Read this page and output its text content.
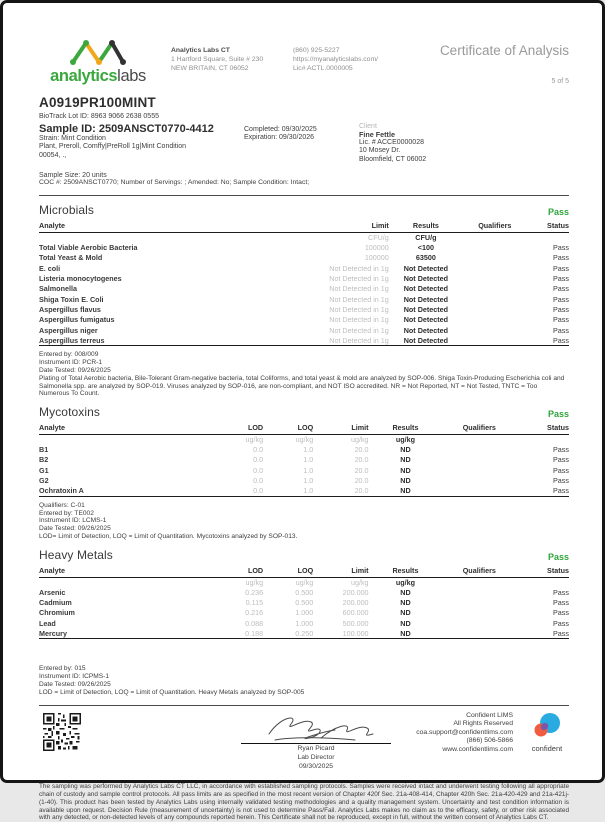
analyticslabs
Analytics Labs CT
1 Hartford Square, Suite # 230
NEW BRITAIN, CT 06052
(860) 925-5227
https://myanalyticslabs.com/
Lic# ACTL.0000005
Certificate of Analysis
5 of 5
A0919PR100MINT
BioTrack Lot ID: 8963 9066 2638 0555
Sample ID: 2509ANSCT0770-4412
Strain: Mint Condition
Plant, Preroll, Comffy|PreRoll 1g|Mint Condition
00054, .,
Completed: 09/30/2025
Expiration: 09/30/2026
Client
Fine Fettle
Lic. # ACCE0000028
10 Mosey Dr.
Bloomfield, CT 06002
Sample Size: 20 units
COC #: 2509ANSCT0770; Number of Servings: ; Amended: No; Sample Condition: Intact;
Microbials	Pass
Analyte	Limit	Results	Qualifiers	Status
	CFU/g	CFU/g		
Total Viable Aerobic Bacteria	100000	<100		Pass
Total Yeast & Mold	100000	63500		Pass
E. coli	Not Detected in 1g	Not Detected		Pass
Listeria monocytogenes	Not Detected in 1g	Not Detected		Pass
Salmonella	Not Detected in 1g	Not Detected		Pass
Shiga Toxin E. Coli	Not Detected in 1g	Not Detected		Pass
Aspergillus flavus	Not Detected in 1g	Not Detected		Pass
Aspergillus fumigatus	Not Detected in 1g	Not Detected		Pass
Aspergillus niger	Not Detected in 1g	Not Detected		Pass
Aspergillus terreus	Not Detected in 1g	Not Detected		Pass
Entered by: 008/009
Instrument ID: PCR-1
Date Tested: 09/26/2025
Plating of Total Aerobic bacteria, Bile-Tolerant Gram-negative bacteria, total Coliforms, and total yeast & mold are analyzed by SOP-006. Shiga Toxin-Producing Escherichia coli and Salmonella spp. are analyzed by SOP-019. Viruses analyzed by SOP-016, are non-compliant, and NOT ISO accredited. NR = Not Reported, NT = Not Tested, TNTC = Too Numerous To Count.
Mycotoxins	Pass
Analyte	LOD	LOQ	Limit	Results	Qualifiers	Status
	ug/kg	ug/kg	ug/kg	ug/kg		
B1	0.0	1.0	20.0	ND		Pass
B2	0.0	1.0	20.0	ND		Pass
G1	0.0	1.0	20.0	ND		Pass
G2	0.0	1.0	20.0	ND		Pass
Ochratoxin A	0.0	1.0	20.0	ND		Pass
Qualifiers: C-01
Entered by: TE002
Instrument ID: LCMS-1
Date Tested: 09/26/2025
LOD= Limit of Detection, LOQ = Limit of Quantitation. Mycotoxins analyzed by SOP-013.
Heavy Metals	Pass
Analyte	LOD	LOQ	Limit	Results	Qualifiers	Status
	ug/kg	ug/kg	ug/kg	ug/kg		
Arsenic	0.236	0.500	200.000	ND		Pass
Cadmium	0.115	0.500	200.000	ND		Pass
Chromium	0.216	1.000	600.000	ND		Pass
Lead	0.088	1.000	500.000	ND		Pass
Mercury	0.188	0.250	100.000	ND		Pass
Entered by: 015
Instrument ID: ICPMS-1
Date Tested: 09/26/2025
LOD = Limit of Detection, LOQ = Limit of Quantitation. Heavy Metals analyzed by SOP-005
Ryan Picard
Lab Director
09/30/2025
Confident LIMS
All Rights Reserved
coa.support@confidentlims.com
(866) 506-5866
www.confidentlims.com	confident
The sampling was performed by Analytics Labs CT LLC, in accordance with established sampling protocols. Samples were received intact and underwent testing following all appropriate chain of custody and sample control protocols. All pass limits are as specified in the most recent version of Chapter 420f Sec. 21a-408-414, Chapter 420h Sec. 21a-420-429 and 21a-421j-(1-40). This product has been tested by Analytics Labs using internally validated testing methodologies and a quality management system. Uncertainty and test condition information is available upon request. Decision Rule (measurement of uncertainty) is not used to determine Pass/Fail. Analytics Labs makes no claim as to the efficacy, safety, or other risk associated with any detected, or non-detected levels of any compounds reported herein. This Certificate shall not be reproduced, except in full, without the written consent of Analytics Labs CT.
